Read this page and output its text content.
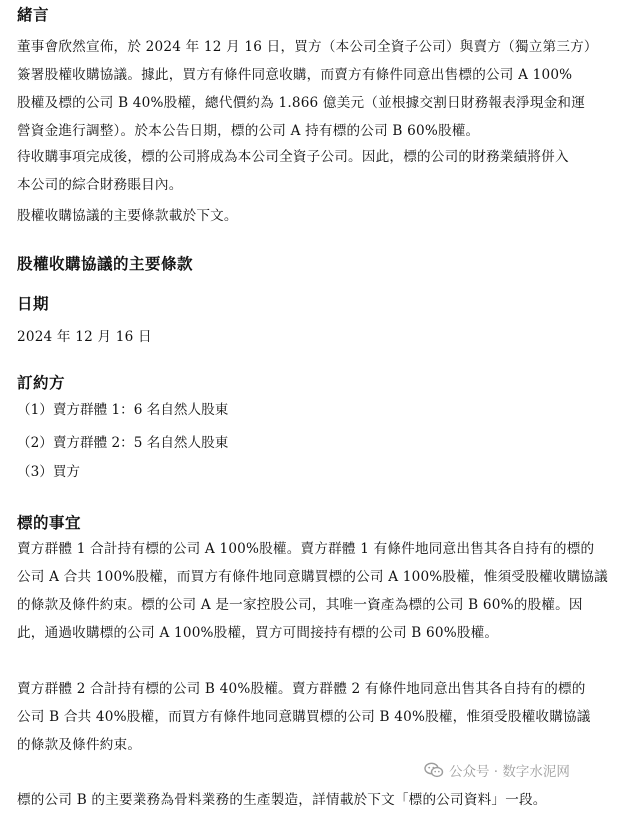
緒言
董事會欣然宣佈，於 2024 年 12 月 16 日，買方（本公司全資子公司）與賣方（獨立第三方）
簽署股權收購協議。據此，買方有條件同意收購，而賣方有條件同意出售標的公司 A 100%
股權及標的公司 B 40%股權，總代價約為 1.866 億美元（並根據交割日財務報表淨現金和運
營資金進行調整）。於本公告日期，標的公司 A 持有標的公司 B 60%股權。
待收購事項完成後，標的公司將成為本公司全資子公司。因此，標的公司的財務業績將併入
本公司的綜合財務賬目內。
股權收購協議的主要條款載於下文。
股權收購協議的主要條款
日期
2024 年 12 月 16 日
訂約方
（1）賣方群體 1：6 名自然人股東
（2）賣方群體 2：5 名自然人股東
（3）買方
標的事宜
賣方群體 1 合計持有標的公司 A 100%股權。賣方群體 1 有條件地同意出售其各自持有的標的
公司 A 合共 100%股權，而買方有條件地同意購買標的公司 A 100%股權，惟須受股權收購協議
的條款及條件約束。標的公司 A 是一家控股公司，其唯一資產為標的公司 B 60%的股權。因
此，通過收購標的公司 A 100%股權，買方可間接持有標的公司 B 60%股權。
賣方群體 2 合計持有標的公司 B 40%股權。賣方群體 2 有條件地同意出售其各自持有的標的
公司 B 合共 40%股權，而買方有條件地同意購買標的公司 B 40%股權，惟須受股權收購協議
的條款及條件約束。
標的公司 B 的主要業務為骨料業務的生產製造，詳情載於下文「標的公司資料」一段。
公众号 · 数字水泥网
